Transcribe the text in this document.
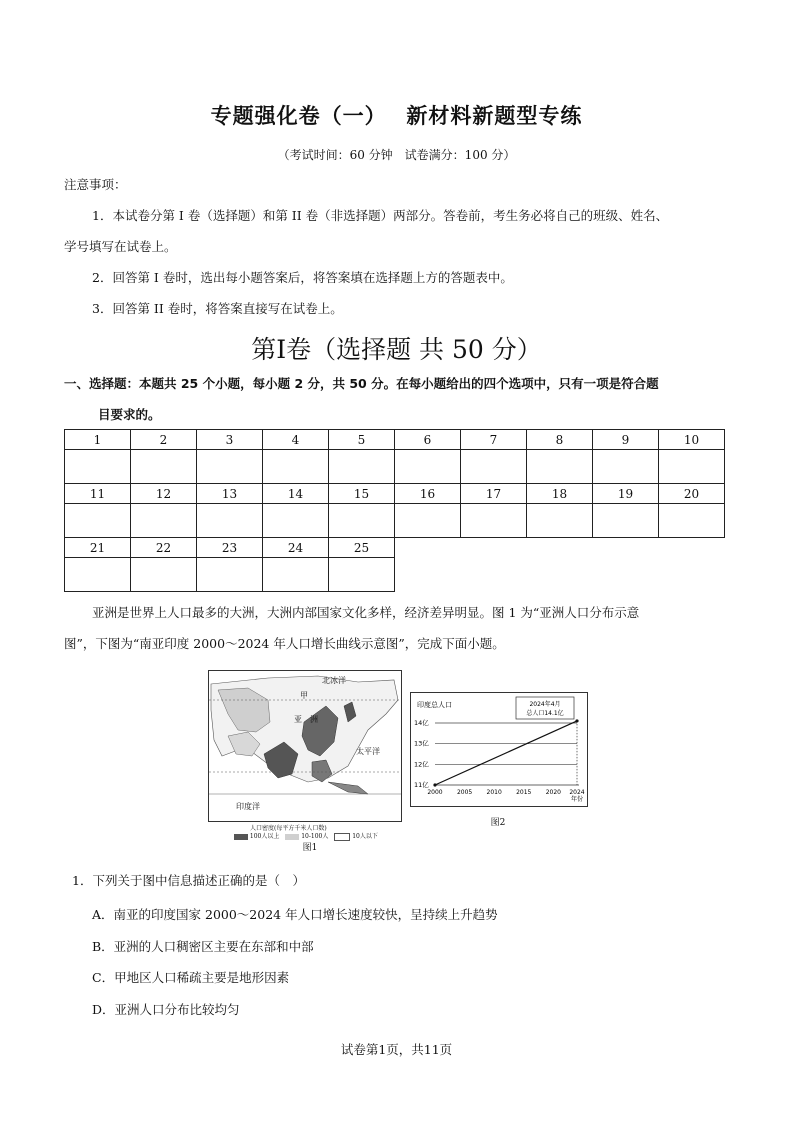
专题强化卷（一）　 新材料新题型专练
（考试时间：60 分钟　试卷满分：100 分）
注意事项：
1．本试卷分第 I 卷（选择题）和第 II 卷（非选择题）两部分。答卷前，考生务必将自己的班级、姓名、
学号填写在试卷上。
2．回答第 I 卷时，选出每小题答案后，将答案填在选择题上方的答题表中。
3．回答第 II 卷时，将答案直接写在试卷上。
第I卷（选择题 共 50 分）
一、选择题：本题共 25 个小题，每小题 2 分，共 50 分。在每小题给出的四个选项中，只有一项是符合题
目要求的。
1	2	3	4	5	6	7	8	9	10

11	12	13	14	15	16	17	18	19	20

21	22	23	24	25					

亚洲是世界上人口最多的大洲，大洲内部国家文化多样，经济差异明显。图 1 为“亚洲人口分布示意
图”，下图为“南亚印度 2000～2024 年人口增长曲线示意图”，完成下面小题。
北冰洋
甲
亚　洲
太平洋
印度洋
人口密度(每平方千米人口数)
100人以上	10-100人	10人以下
图1
印度总人口	2024年4月
总人口14.1亿
11亿
12亿
13亿
14亿
2000 2005 2010 2015 2020 2024
年份
图2
1．下列关于图中信息描述正确的是（　）
A．南亚的印度国家 2000～2024 年人口增长速度较快，呈持续上升趋势
B．亚洲的人口稠密区主要在东部和中部
C．甲地区人口稀疏主要是地形因素
D．亚洲人口分布比较均匀
试卷第1页，共11页
